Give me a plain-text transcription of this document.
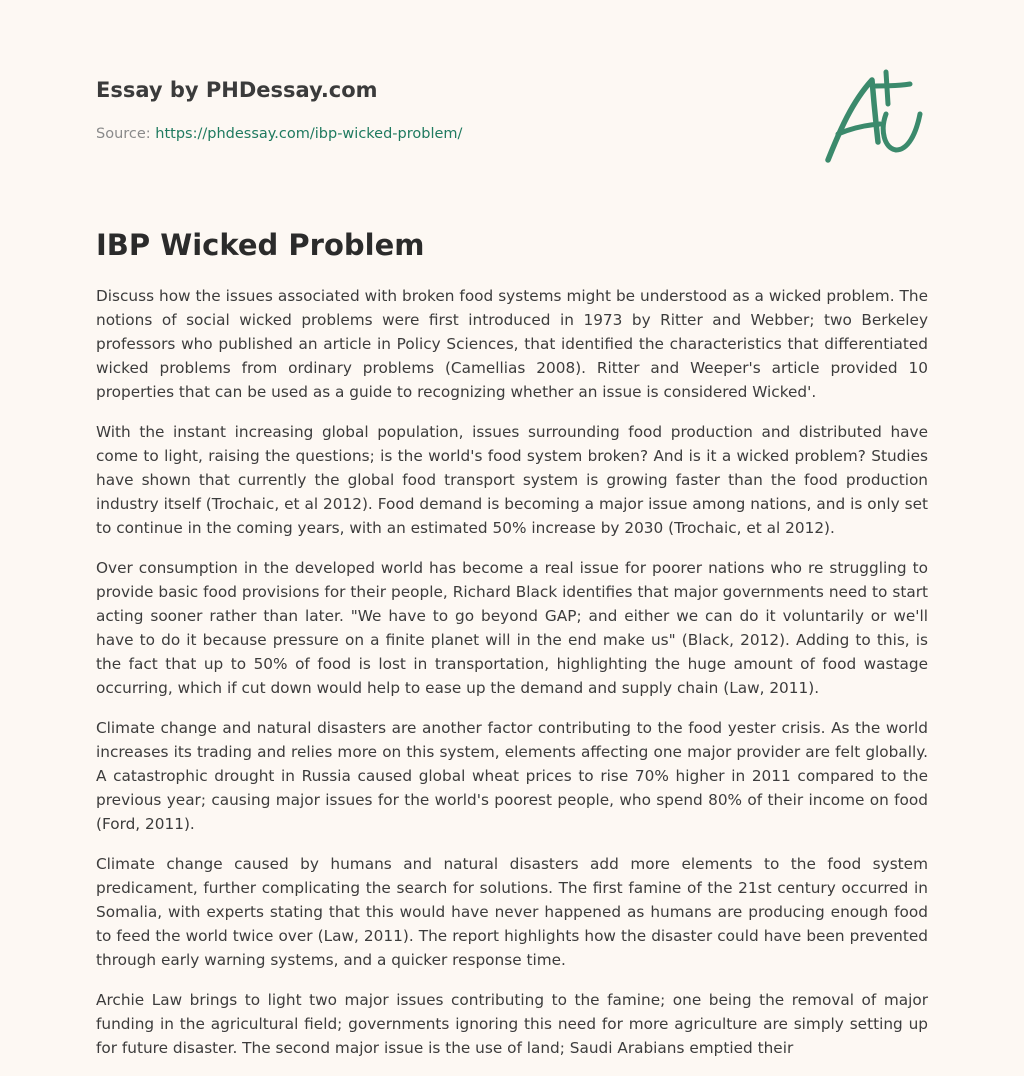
Essay by PHDessay.com

Source: https://phdessay.com/ibp-wicked-problem/
IBP Wicked Problem

Discuss how the issues associated with broken food systems might be understood as a wicked problem. The notions of social wicked problems were first introduced in 1973 by Ritter and Webber; two Berkeley professors who published an article in Policy Sciences, that identified the characteristics that differentiated wicked problems from ordinary problems (Camellias 2008). Ritter and Weeper's article provided 10 properties that can be used as a guide to recognizing whether an issue is considered Wicked'.

With the instant increasing global population, issues surrounding food production and distributed have come to light, raising the questions; is the world's food system broken? And is it a wicked problem? Studies have shown that currently the global food transport system is growing faster than the food production industry itself (Trochaic, et al 2012). Food demand is becoming a major issue among nations, and is only set to continue in the coming years, with an estimated 50% increase by 2030 (Trochaic, et al 2012).

Over consumption in the developed world has become a real issue for poorer nations who re struggling to provide basic food provisions for their people, Richard Black identifies that major governments need to start acting sooner rather than later. "We have to go beyond GAP; and either we can do it voluntarily or we'll have to do it because pressure on a finite planet will in the end make us" (Black, 2012). Adding to this, is the fact that up to 50% of food is lost in transportation, highlighting the huge amount of food wastage occurring, which if cut down would help to ease up the demand and supply chain (Law, 2011).

Climate change and natural disasters are another factor contributing to the food yester crisis. As the world increases its trading and relies more on this system, elements affecting one major provider are felt globally. A catastrophic drought in Russia caused global wheat prices to rise 70% higher in 2011 compared to the previous year; causing major issues for the world's poorest people, who spend 80% of their income on food (Ford, 2011).

Climate change caused by humans and natural disasters add more elements to the food system predicament, further complicating the search for solutions. The first famine of the 21st century occurred in Somalia, with experts stating that this would have never happened as humans are producing enough food to feed the world twice over (Law, 2011). The report highlights how the disaster could have been prevented through early warning systems, and a quicker response time.

Archie Law brings to light two major issues contributing to the famine; one being the removal of major funding in the agricultural field; governments ignoring this need for more agriculture are simply setting up for future disaster. The second major issue is the use of land; Saudi Arabians emptied their
